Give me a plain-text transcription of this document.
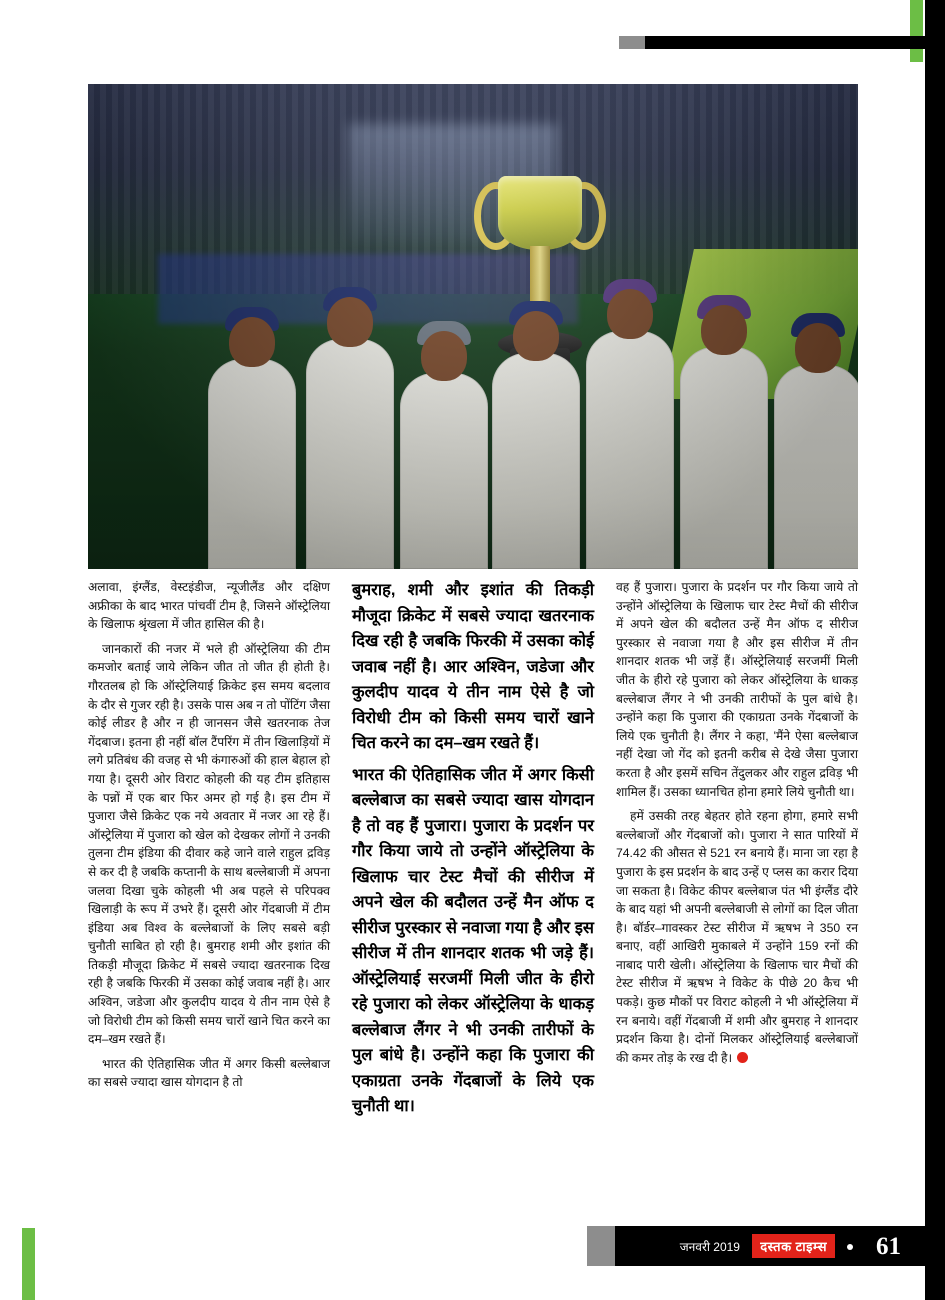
अलावा, इंग्लैंड, वेस्टइंडीज, न्यूजीलैंड और दक्षिण अफ्रीका के बाद भारत पांचवीं टीम है, जिसने ऑस्ट्रेलिया के खिलाफ श्रृंखला में जीत हासिल की है।

जानकारों की नजर में भले ही ऑस्ट्रेलिया की टीम कमजोर बताई जाये लेकिन जीत तो जीत ही होती है। गौरतलब हो कि ऑस्ट्रेलियाई क्रिकेट इस समय बदलाव के दौर से गुजर रही है। उसके पास अब न तो पोंटिंग जैसा कोई लीडर है और न ही जानसन जैसे खतरनाक तेज गेंदबाज। इतना ही नहीं बॉल टैंपरिंग में तीन खिलाड़ियों में लगे प्रतिबंध की वजह से भी कंगारुओं की हाल बेहाल हो गया है। दूसरी ओर विराट कोहली की यह टीम इतिहास के पन्नों में एक बार फिर अमर हो गई है। इस टीम में पुजारा जैसे क्रिकेट एक नये अवतार में नजर आ रहे हैं। ऑस्ट्रेलिया में पुजारा को खेल को देखकर लोगों ने उनकी तुलना टीम इंडिया की दीवार कहे जाने वाले राहुल द्रविड़ से कर दी है जबकि कप्तानी के साथ बल्लेबाजी में अपना जलवा दिखा चुके कोहली भी अब पहले से परिपक्व खिलाड़ी के रूप में उभरे हैं। दूसरी ओर गेंदबाजी में टीम इंडिया अब विश्व के बल्लेबाजों के लिए सबसे बड़ी चुनौती साबित हो रही है। बुमराह शमी और इशांत की तिकड़ी मौजूदा क्रिकेट में सबसे ज्यादा खतरनाक दिख रही है जबकि फिरकी में उसका कोई जवाब नहीं है। आर अश्विन, जडेजा और कुलदीप यादव ये तीन नाम ऐसे है जो विरोधी टीम को किसी समय चारों खाने चित करने का दम–खम रखते हैं।

भारत की ऐतिहासिक जीत में अगर किसी बल्लेबाज का सबसे ज्यादा खास योगदान है तो

बुमराह, शमी और इशांत की तिकड़ी मौजूदा क्रिकेट में सबसे ज्यादा खतरनाक दिख रही है जबकि फिरकी में उसका कोई जवाब नहीं है। आर अश्विन, जडेजा और कुलदीप यादव ये तीन नाम ऐसे है जो विरोधी टीम को किसी समय चारों खाने चित करने का दम–खम रखते हैं।

भारत की ऐतिहासिक जीत में अगर किसी बल्लेबाज का सबसे ज्यादा खास योगदान है तो वह हैं पुजारा। पुजारा के प्रदर्शन पर गौर किया जाये तो उन्होंने ऑस्ट्रेलिया के खिलाफ चार टेस्ट मैचों की सीरीज में अपने खेल की बदौलत उन्हें मैन ऑफ द सीरीज पुरस्कार से नवाजा गया है और इस सीरीज में तीन शानदार शतक भी जड़े हैं। ऑस्ट्रेलियाई सरजमीं मिली जीत के हीरो रहे पुजारा को लेकर ऑस्ट्रेलिया के धाकड़ बल्लेबाज लैंगर ने भी उनकी तारीफों के पुल बांधे है। उन्होंने कहा कि पुजारा की एकाग्रता उनके गेंदबाजों के लिये एक चुनौती था।

वह हैं पुजारा। पुजारा के प्रदर्शन पर गौर किया जाये तो उन्होंने ऑस्ट्रेलिया के खिलाफ चार टेस्ट मैचों की सीरीज में अपने खेल की बदौलत उन्हें मैन ऑफ द सीरीज पुरस्कार से नवाजा गया है और इस सीरीज में तीन शानदार शतक भी जड़ें हैं। ऑस्ट्रेलियाई सरजमीं मिली जीत के हीरो रहे पुजारा को लेकर ऑस्ट्रेलिया के धाकड़ बल्लेबाज लैंगर ने भी उनकी तारीफों के पुल बांधे है। उन्होंने कहा कि पुजारा की एकाग्रता उनके गेंदबाजों के लिये एक चुनौती है। लैंगर ने कहा, 'मैंने ऐसा बल्लेबाज नहीं देखा जो गेंद को इतनी करीब से देखे जैसा पुजारा करता है और इसमें सचिन तेंदुलकर और राहुल द्रविड़ भी शामिल हैं। उसका ध्यानचित होना हमारे लिये चुनौती था।

हमें उसकी तरह बेहतर होते रहना होगा, हमारे सभी बल्लेबाजों और गेंदबाजों को। पुजारा ने सात पारियों में 74.42 की औसत से 521 रन बनाये हैं। माना जा रहा है पुजारा के इस प्रदर्शन के बाद उन्हें ए प्लस का करार दिया जा सकता है। विकेट कीपर बल्लेबाज पंत भी इंग्लैंड दौरे के बाद यहां भी अपनी बल्लेबाजी से लोगों का दिल जीता है। बॉर्डर–गावस्कर टेस्ट सीरीज में ऋषभ ने 350 रन बनाए, वहीं आखिरी मुकाबले में उन्होंने 159 रनों की नाबाद पारी खेली। ऑस्ट्रेलिया के खिलाफ चार मैचों की टेस्ट सीरीज में ऋषभ ने विकेट के पीछे 20 कैच भी पकड़े। कुछ मौकों पर विराट कोहली ने भी ऑस्ट्रेलिया में रन बनाये। वहीं गेंदबाजी में शमी और बुमराह ने शानदार प्रदर्शन किया है। दोनों मिलकर ऑस्ट्रेलियाई बल्लेबाजों की कमर तोड़ के रख दी है।

जनवरी 2019	दस्तक टाइम्स	61
